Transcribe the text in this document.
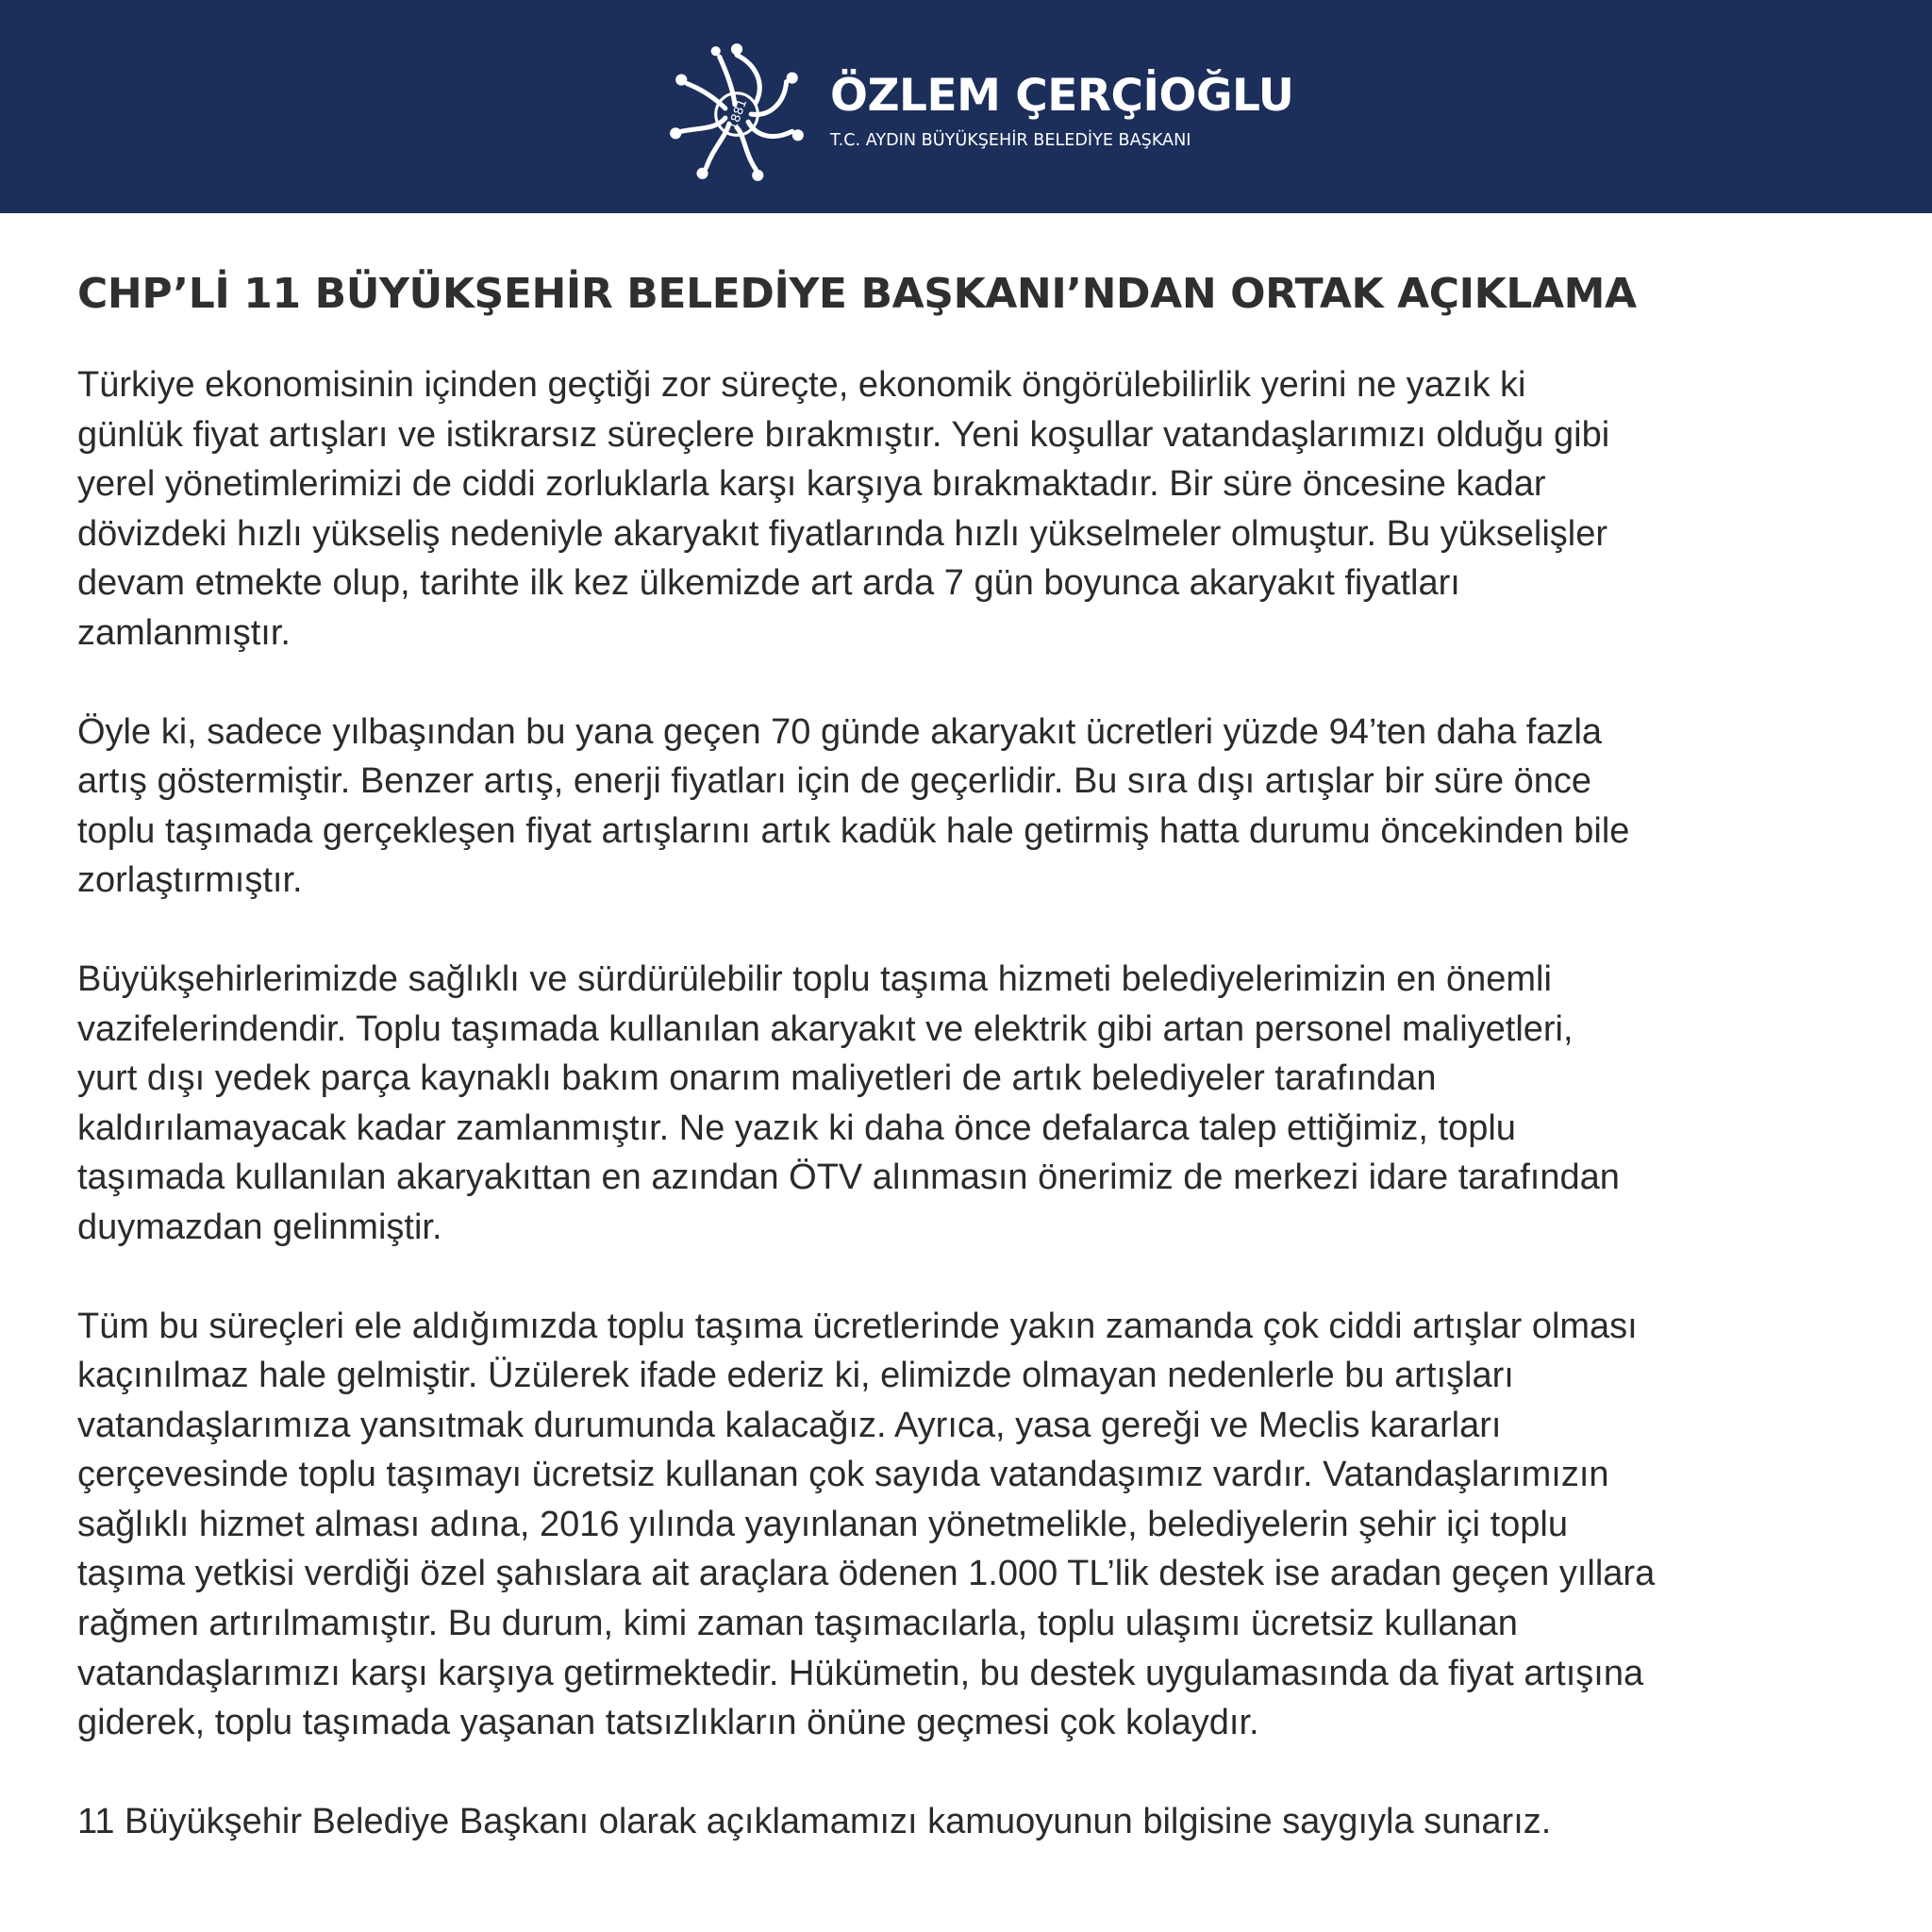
1881 ÖZLEM ÇERÇİOĞLU
T.C. AYDIN BÜYÜKŞEHİR BELEDİYE BAŞKANI
CHP’Lİ 11 BÜYÜKŞEHİR BELEDİYE BAŞKANI’NDAN ORTAK AÇIKLAMA

Türkiye ekonomisinin içinden geçtiği zor süreçte, ekonomik öngörülebilirlik yerini ne yazık ki
günlük fiyat artışları ve istikrarsız süreçlere bırakmıştır. Yeni koşullar vatandaşlarımızı olduğu gibi
yerel yönetimlerimizi de ciddi zorluklarla karşı karşıya bırakmaktadır. Bir süre öncesine kadar
dövizdeki hızlı yükseliş nedeniyle akaryakıt fiyatlarında hızlı yükselmeler olmuştur. Bu yükselişler
devam etmekte olup, tarihte ilk kez ülkemizde art arda 7 gün boyunca akaryakıt fiyatları
zamlanmıştır.

Öyle ki, sadece yılbaşından bu yana geçen 70 günde akaryakıt ücretleri yüzde 94’ten daha fazla
artış göstermiştir. Benzer artış, enerji fiyatları için de geçerlidir. Bu sıra dışı artışlar bir süre önce
toplu taşımada gerçekleşen fiyat artışlarını artık kadük hale getirmiş hatta durumu öncekinden bile
zorlaştırmıştır.

Büyükşehirlerimizde sağlıklı ve sürdürülebilir toplu taşıma hizmeti belediyelerimizin en önemli
vazifelerindendir. Toplu taşımada kullanılan akaryakıt ve elektrik gibi artan personel maliyetleri,
yurt dışı yedek parça kaynaklı bakım onarım maliyetleri de artık belediyeler tarafından
kaldırılamayacak kadar zamlanmıştır. Ne yazık ki daha önce defalarca talep ettiğimiz, toplu
taşımada kullanılan akaryakıttan en azından ÖTV alınmasın önerimiz de merkezi idare tarafından
duymazdan gelinmiştir.

Tüm bu süreçleri ele aldığımızda toplu taşıma ücretlerinde yakın zamanda çok ciddi artışlar olması
kaçınılmaz hale gelmiştir. Üzülerek ifade ederiz ki, elimizde olmayan nedenlerle bu artışları
vatandaşlarımıza yansıtmak durumunda kalacağız. Ayrıca, yasa gereği ve Meclis kararları
çerçevesinde toplu taşımayı ücretsiz kullanan çok sayıda vatandaşımız vardır. Vatandaşlarımızın
sağlıklı hizmet alması adına, 2016 yılında yayınlanan yönetmelikle, belediyelerin şehir içi toplu
taşıma yetkisi verdiği özel şahıslara ait araçlara ödenen 1.000 TL’lik destek ise aradan geçen yıllara
rağmen artırılmamıştır. Bu durum, kimi zaman taşımacılarla, toplu ulaşımı ücretsiz kullanan
vatandaşlarımızı karşı karşıya getirmektedir. Hükümetin, bu destek uygulamasında da fiyat artışına
giderek, toplu taşımada yaşanan tatsızlıkların önüne geçmesi çok kolaydır.

11 Büyükşehir Belediye Başkanı olarak açıklamamızı kamuoyunun bilgisine saygıyla sunarız.
